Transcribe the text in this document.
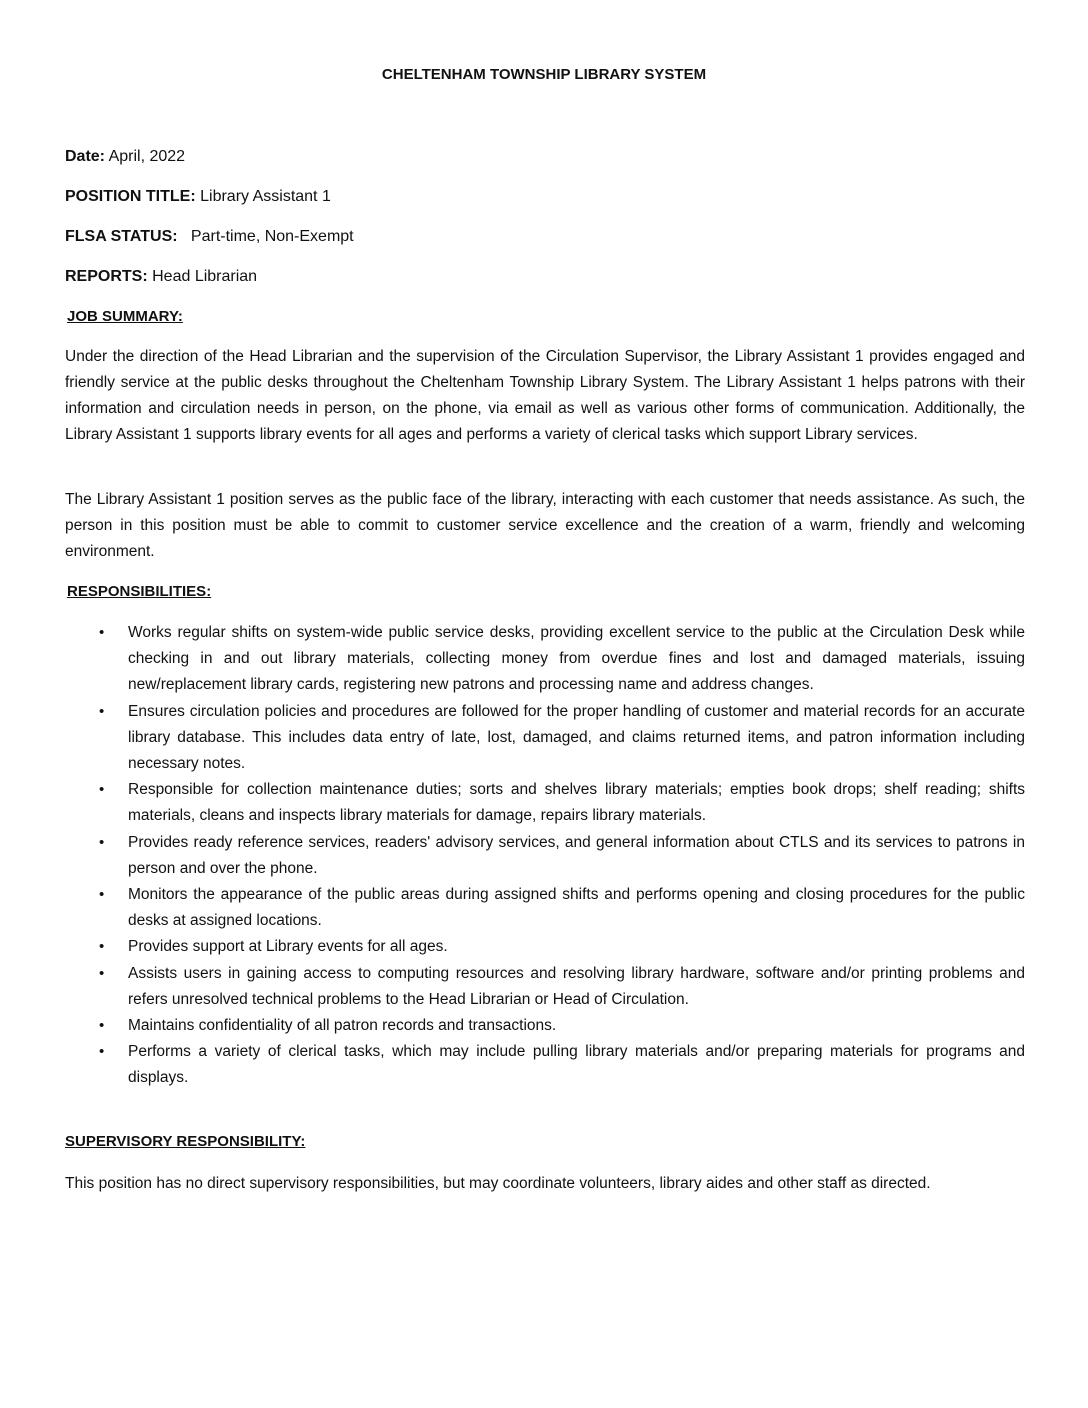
CHELTENHAM TOWNSHIP LIBRARY SYSTEM
Date: April, 2022
POSITION TITLE: Library Assistant 1
FLSA STATUS:   Part-time, Non-Exempt
REPORTS: Head Librarian
JOB SUMMARY:
Under the direction of the Head Librarian and the supervision of the Circulation Supervisor, the Library Assistant 1 provides engaged and friendly service at the public desks throughout the Cheltenham Township Library System. The Library Assistant 1 helps patrons with their information and circulation needs in person, on the phone, via email as well as various other forms of communication. Additionally, the Library Assistant 1 supports library events for all ages and performs a variety of clerical tasks which support Library services.
The Library Assistant 1 position serves as the public face of the library, interacting with each customer that needs assistance. As such, the person in this position must be able to commit to customer service excellence and the creation of a warm, friendly and welcoming environment.
RESPONSIBILITIES:
• Works regular shifts on system-wide public service desks, providing excellent service to the public at the Circulation Desk while checking in and out library materials, collecting money from overdue fines and lost and damaged materials, issuing new/replacement library cards, registering new patrons and processing name and address changes.
• Ensures circulation policies and procedures are followed for the proper handling of customer and material records for an accurate library database. This includes data entry of late, lost, damaged, and claims returned items, and patron information including necessary notes.
• Responsible for collection maintenance duties; sorts and shelves library materials; empties book drops; shelf reading; shifts materials, cleans and inspects library materials for damage, repairs library materials.
• Provides ready reference services, readers' advisory services, and general information about CTLS and its services to patrons in person and over the phone.
• Monitors the appearance of the public areas during assigned shifts and performs opening and closing procedures for the public desks at assigned locations.
• Provides support at Library events for all ages.
• Assists users in gaining access to computing resources and resolving library hardware, software and/or printing problems and refers unresolved technical problems to the Head Librarian or Head of Circulation.
• Maintains confidentiality of all patron records and transactions.
• Performs a variety of clerical tasks, which may include pulling library materials and/or preparing materials for programs and displays.
SUPERVISORY RESPONSIBILITY:
This position has no direct supervisory responsibilities, but may coordinate volunteers, library aides and other staff as directed.
